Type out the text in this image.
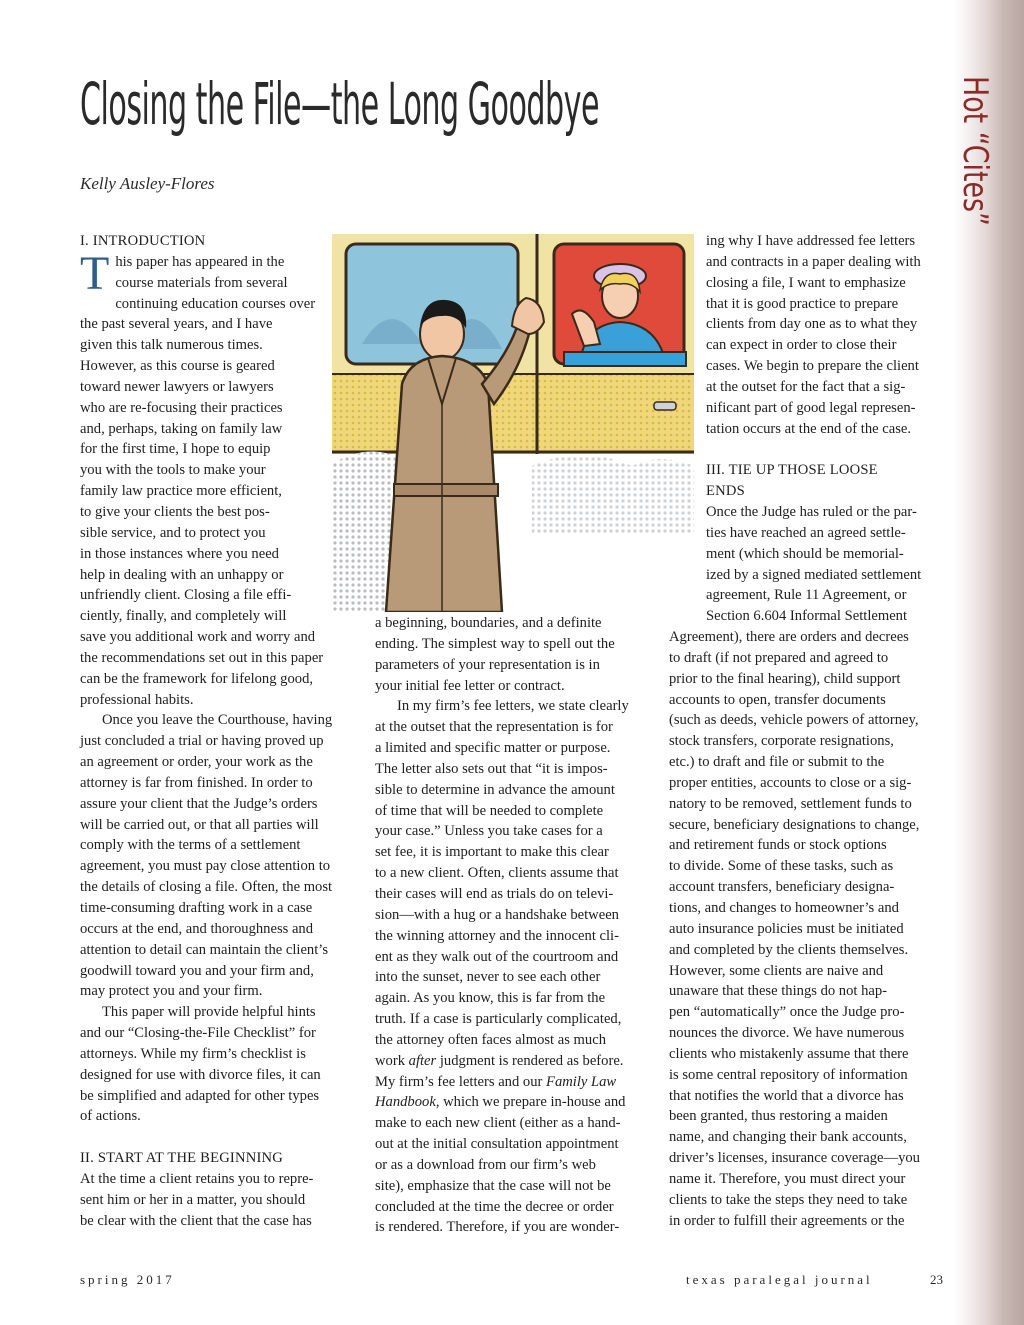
Hot “Cites”
Closing the File—the Long Goodbye
Kelly Ausley-Flores

I. INTRODUCTION

T his paper has appeared in the
course materials from several

continuing education courses over

the past several years, and I have

given this talk numerous times.

However, as this course is geared

toward newer lawyers or lawyers

who are re-focusing their practices

and, perhaps, taking on family law

for the first time, I hope to equip

you with the tools to make your

family law practice more efficient,

to give your clients the best pos-

sible service, and to protect you

in those instances where you need

help in dealing with an unhappy or

unfriendly client. Closing a file effi-

ciently, finally, and completely will

save you additional work and worry and

the recommendations set out in this paper

can be the framework for lifelong good,

professional habits.

Once you leave the Courthouse, having

just concluded a trial or having proved up

an agreement or order, your work as the

attorney is far from finished. In order to

assure your client that the Judge’s orders

will be carried out, or that all parties will

comply with the terms of a settlement

agreement, you must pay close attention to

the details of closing a file. Often, the most

time-consuming drafting work in a case

occurs at the end, and thoroughness and

attention to detail can maintain the client’s

goodwill toward you and your firm and,

may protect you and your firm.

This paper will provide helpful hints

and our “Closing-the-File Checklist” for

attorneys. While my firm’s checklist is

designed for use with divorce files, it can

be simplified and adapted for other types

of actions.

II. START AT THE BEGINNING

At the time a client retains you to repre-

sent him or her in a matter, you should

be clear with the client that the case has

a beginning, boundaries, and a definite

ending. The simplest way to spell out the

parameters of your representation is in

your initial fee letter or contract.

In my firm’s fee letters, we state clearly

at the outset that the representation is for

a limited and specific matter or purpose.

The letter also sets out that “it is impos-

sible to determine in advance the amount

of time that will be needed to complete

your case.” Unless you take cases for a

set fee, it is important to make this clear

to a new client. Often, clients assume that

their cases will end as trials do on televi-

sion—with a hug or a handshake between

the winning attorney and the innocent cli-

ent as they walk out of the courtroom and

into the sunset, never to see each other

again. As you know, this is far from the

truth. If a case is particularly complicated,

the attorney often faces almost as much

work after judgment is rendered as before.

My firm’s fee letters and our Family Law

Handbook, which we prepare in-house and

make to each new client (either as a hand-

out at the initial consultation appointment

or as a download from our firm’s web

site), emphasize that the case will not be

concluded at the time the decree or order

is rendered. Therefore, if you are wonder-

ing why I have addressed fee letters

and contracts in a paper dealing with

closing a file, I want to emphasize

that it is good practice to prepare

clients from day one as to what they

can expect in order to close their

cases. We begin to prepare the client

at the outset for the fact that a sig-

nificant part of good legal represen-

tation occurs at the end of the case.

III. TIE UP THOSE LOOSE

ENDS

Once the Judge has ruled or the par-

ties have reached an agreed settle-

ment (which should be memorial-

ized by a signed mediated settlement

agreement, Rule 11 Agreement, or

Section 6.604 Informal Settlement

Agreement), there are orders and decrees

to draft (if not prepared and agreed to

prior to the final hearing), child support

accounts to open, transfer documents

(such as deeds, vehicle powers of attorney,

stock transfers, corporate resignations,

etc.) to draft and file or submit to the

proper entities, accounts to close or a sig-

natory to be removed, settlement funds to

secure, beneficiary designations to change,

and retirement funds or stock options

to divide. Some of these tasks, such as

account transfers, beneficiary designa-

tions, and changes to homeowner’s and

auto insurance policies must be initiated

and completed by the clients themselves.

However, some clients are naive and

unaware that these things do not hap-

pen “automatically” once the Judge pro-

nounces the divorce. We have numerous

clients who mistakenly assume that there

is some central repository of information

that notifies the world that a divorce has

been granted, thus restoring a maiden

name, and changing their bank accounts,

driver’s licenses, insurance coverage—you

name it. Therefore, you must direct your

clients to take the steps they need to take

in order to fulfill their agreements or the

spring 2017	texas paralegal journal	23
